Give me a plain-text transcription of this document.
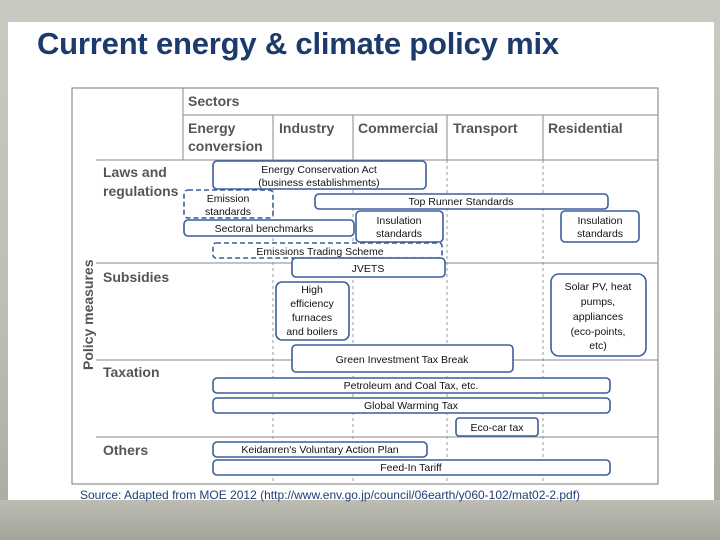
Current energy & climate policy mix
Sectors
Energy
conversion
Industry Commercial Transport Residential
Policy measures
Laws and
regulations
Subsidies
Taxation
Others
Energy Conservation Act
(business establishments)
Emission
standards
Top Runner Standards
Insulation
standards
Insulation
standards
Sectoral benchmarks
Emissions Trading Scheme
JVETS
High
efficiency
furnaces
and boilers
Solar PV, heat
pumps,
appliances
(eco-points,
etc)
Green Investment Tax Break
Petroleum and Coal Tax, etc.
Global Warming Tax
Eco-car tax
Keidanren's Voluntary Action Plan
Feed-In Tariff
Source: Adapted from MOE 2012 (http://www.env.go.jp/council/06earth/y060-102/mat02-2.pdf)
